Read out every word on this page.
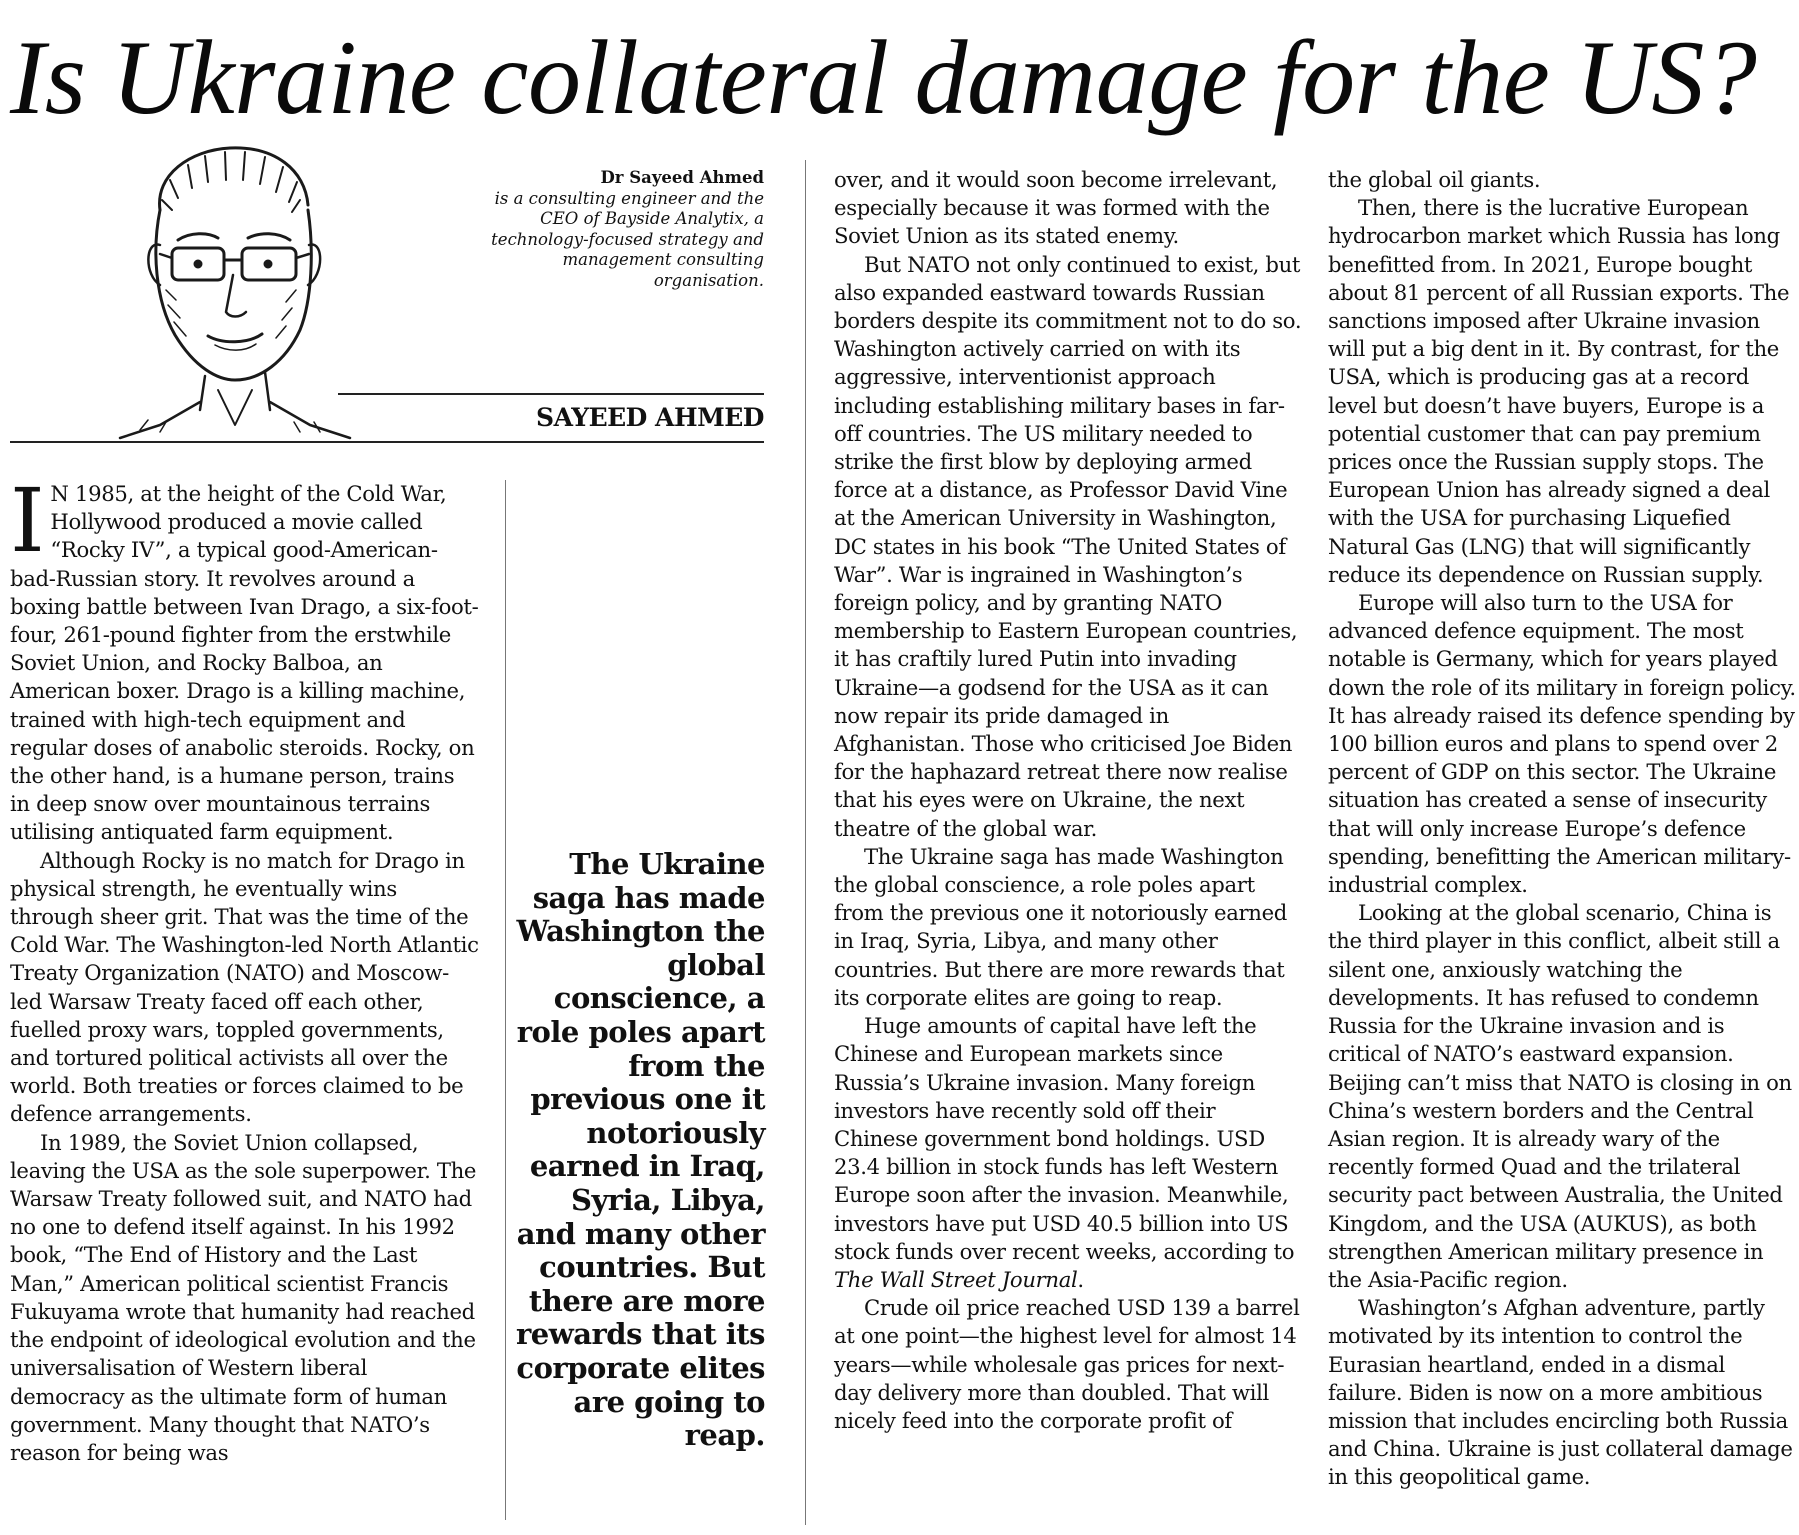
Is Ukraine collateral damage for the US?
Dr Sayeed Ahmed
is a consulting engineer and the CEO of Bayside Analytix, a technology-focused strategy and management consulting organisation.
SAYEED AHMED

I N 1985, at the height of the Cold War, Hollywood produced a movie called “Rocky IV”, a typical good-American-bad-Russian story. It revolves around a boxing battle between Ivan Drago, a six-foot-four, 261-pound fighter from the erstwhile Soviet Union, and Rocky Balboa, an American boxer. Drago is a killing machine, trained with high-tech equipment and regular doses of anabolic steroids. Rocky, on the other hand, is a humane person, trains in deep snow over mountainous terrains utilising antiquated farm equipment.

Although Rocky is no match for Drago in physical strength, he eventually wins through sheer grit. That was the time of the Cold War. The Washington-led North Atlantic Treaty Organization (NATO) and Moscow-led Warsaw Treaty faced off each other, fuelled proxy wars, toppled governments, and tortured political activists all over the world. Both treaties or forces claimed to be defence arrangements.

In 1989, the Soviet Union collapsed, leaving the USA as the sole superpower. The Warsaw Treaty followed suit, and NATO had no one to defend itself against. In his 1992 book, “The End of History and the Last Man,” American political scientist Francis Fukuyama wrote that humanity had reached the endpoint of ideological evolution and the universalisation of Western liberal democracy as the ultimate form of human government. Many thought that NATO’s reason for being was

The Ukraine saga has made Washington the global conscience, a role poles apart from the previous one it notoriously earned in Iraq, Syria, Libya, and many other countries. But there are more rewards that its corporate elites are going to reap.

over, and it would soon become irrelevant, especially because it was formed with the Soviet Union as its stated enemy.

But NATO not only continued to exist, but also expanded eastward towards Russian borders despite its commitment not to do so. Washington actively carried on with its aggressive, interventionist approach including establishing military bases in far-off countries. The US military needed to strike the first blow by deploying armed force at a distance, as Professor David Vine at the American University in Washington, DC states in his book “The United States of War”. War is ingrained in Washington’s foreign policy, and by granting NATO membership to Eastern European countries, it has craftily lured Putin into invading Ukraine—a godsend for the USA as it can now repair its pride damaged in Afghanistan. Those who criticised Joe Biden for the haphazard retreat there now realise that his eyes were on Ukraine, the next theatre of the global war.

The Ukraine saga has made Washington the global conscience, a role poles apart from the previous one it notoriously earned in Iraq, Syria, Libya, and many other countries. But there are more rewards that its corporate elites are going to reap.

Huge amounts of capital have left the Chinese and European markets since Russia’s Ukraine invasion. Many foreign investors have recently sold off their Chinese government bond holdings. USD 23.4 billion in stock funds has left Western Europe soon after the invasion. Meanwhile, investors have put USD 40.5 billion into US stock funds over recent weeks, according to The Wall Street Journal.

Crude oil price reached USD 139 a barrel at one point—the highest level for almost 14 years—while wholesale gas prices for next-day delivery more than doubled. That will nicely feed into the corporate profit of

the global oil giants.

Then, there is the lucrative European hydrocarbon market which Russia has long benefitted from. In 2021, Europe bought about 81 percent of all Russian exports. The sanctions imposed after Ukraine invasion will put a big dent in it. By contrast, for the USA, which is producing gas at a record level but doesn’t have buyers, Europe is a potential customer that can pay premium prices once the Russian supply stops. The European Union has already signed a deal with the USA for purchasing Liquefied Natural Gas (LNG) that will significantly reduce its dependence on Russian supply.

Europe will also turn to the USA for advanced defence equipment. The most notable is Germany, which for years played down the role of its military in foreign policy. It has already raised its defence spending by 100 billion euros and plans to spend over 2 percent of GDP on this sector. The Ukraine situation has created a sense of insecurity that will only increase Europe’s defence spending, benefitting the American military-industrial complex.

Looking at the global scenario, China is the third player in this conflict, albeit still a silent one, anxiously watching the developments. It has refused to condemn Russia for the Ukraine invasion and is critical of NATO’s eastward expansion. Beijing can’t miss that NATO is closing in on China’s western borders and the Central Asian region. It is already wary of the recently formed Quad and the trilateral security pact between Australia, the United Kingdom, and the USA (AUKUS), as both strengthen American military presence in the Asia-Pacific region.

Washington’s Afghan adventure, partly motivated by its intention to control the Eurasian heartland, ended in a dismal failure. Biden is now on a more ambitious mission that includes encircling both Russia and China. Ukraine is just collateral damage in this geopolitical game.
